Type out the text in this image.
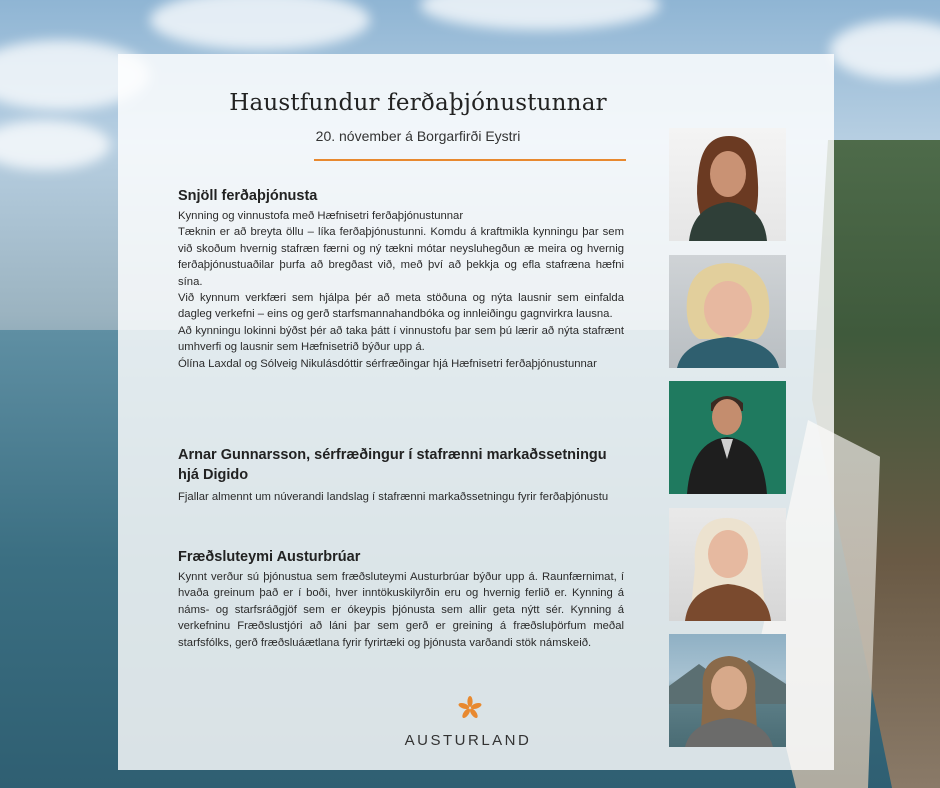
Haustfundur ferðaþjónustunnar
20. nóvember á Borgarfirði Eystri
Snjöll ferðaþjónusta

Kynning og vinnustofa með Hæfnisetri ferðaþjónustunnar

Tæknin er að breyta öllu – líka ferðaþjónustunni. Komdu á kraftmikla kynningu þar sem við skoðum hvernig stafræn færni og ný tækni mótar neysluhegðun æ meira og hvernig ferðaþjónustuaðilar þurfa að bregðast við, með því að þekkja og efla stafræna hæfni sína.

Við kynnum verkfæri sem hjálpa þér að meta stöðuna og nýta lausnir sem einfalda dagleg verkefni – eins og gerð starfsmannahandbóka og innleiðingu gagnvirkra lausna.

Að kynningu lokinni býðst þér að taka þátt í vinnustofu þar sem þú lærir að nýta stafrænt umhverfi og lausnir sem Hæfnisetrið býður upp á.

Ólína Laxdal og Sólveig Nikulásdóttir sérfræðingar hjá Hæfnisetri ferðaþjónustunnar

Arnar Gunnarsson, sérfræðingur í stafrænni markaðssetningu hjá Digido

Fjallar almennt um núverandi landslag í stafrænni markaðssetningu fyrir ferðaþjónustu

Fræðsluteymi Austurbrúar

Kynnt verður sú þjónustua sem fræðsluteymi Austurbrúar býður upp á. Raunfærnimat, í hvaða greinum það er í boði, hver inntökuskilyrðin eru og hvernig ferlið er. Kynning á náms- og starfsráðgjöf sem er ókeypis þjónusta sem allir geta nýtt sér. Kynning á verkefninu Fræðslustjóri að láni þar sem gerð er greining á fræðsluþörfum meðal starfsfólks, gerð fræðsluáætlana fyrir fyrirtæki og þjónusta varðandi stök námskeið.

AUSTURLAND
